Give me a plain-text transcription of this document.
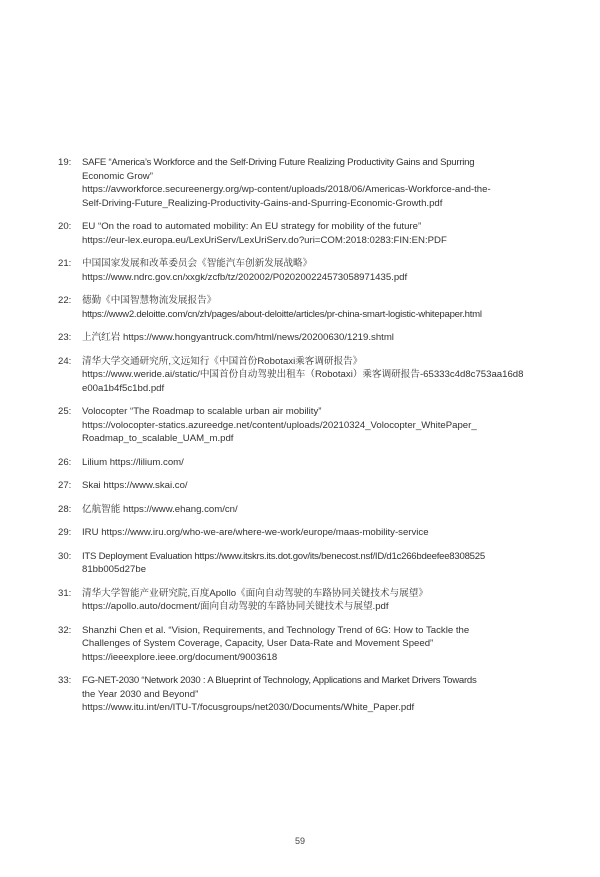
19:	SAFE “America’s Workforce and the Self-Driving Future Realizing Productivity Gains and Spurring
Economic Grow”
https://avworkforce.secureenergy.org/wp-content/uploads/2018/06/Americas-Workforce-and-the-
Self-Driving-Future_Realizing-Productivity-Gains-and-Spurring-Economic-Growth.pdf
20:	EU “On the road to automated mobility: An EU strategy for mobility of the future”
https://eur-lex.europa.eu/LexUriServ/LexUriServ.do?uri=COM:2018:0283:FIN:EN:PDF
21:	中国国家发展和改革委员会《智能汽车创新发展战略》
https://www.ndrc.gov.cn/xxgk/zcfb/tz/202002/P020200224573058971435.pdf
22:	德勤《中国智慧物流发展报告》
https://www2.deloitte.com/cn/zh/pages/about-deloitte/articles/pr-china-smart-logistic-whitepaper.html
23:	上汽红岩 https://www.hongyantruck.com/html/news/20200630/1219.shtml
24:	清华大学交通研究所,文远知行《中国首份Robotaxi乘客调研报告》
https://www.weride.ai/static/中国首份自动驾驶出租车（Robotaxi）乘客调研报告-65333c4d8c753aa16d8
e00a1b4f5c1bd.pdf
25:	Volocopter “The Roadmap to scalable urban air mobility”
https://volocopter-statics.azureedge.net/content/uploads/20210324_Volocopter_WhitePaper_
Roadmap_to_scalable_UAM_m.pdf
26:	Lilium https://lilium.com/
27:	Skai https://www.skai.co/
28:	亿航智能 https://www.ehang.com/cn/
29:	IRU https://www.iru.org/who-we-are/where-we-work/europe/maas-mobility-service
30:	ITS Deployment Evaluation https://www.itskrs.its.dot.gov/its/benecost.nsf/ID/d1c266bdeefee8308525
81bb005d27be
31:	清华大学智能产业研究院,百度Apollo《面向自动驾驶的车路协同关键技术与展望》
https://apollo.auto/docment/面向自动驾驶的车路协同关键技术与展望.pdf
32:	Shanzhi Chen et al. “Vision, Requirements, and Technology Trend of 6G: How to Tackle the
Challenges of System Coverage, Capacity, User Data-Rate and Movement Speed”
https://ieeexplore.ieee.org/document/9003618
33:	FG-NET-2030 “Network 2030 : A Blueprint of Technology, Applications and Market Drivers Towards
the Year 2030 and Beyond”
https://www.itu.int/en/ITU-T/focusgroups/net2030/Documents/White_Paper.pdf
59
